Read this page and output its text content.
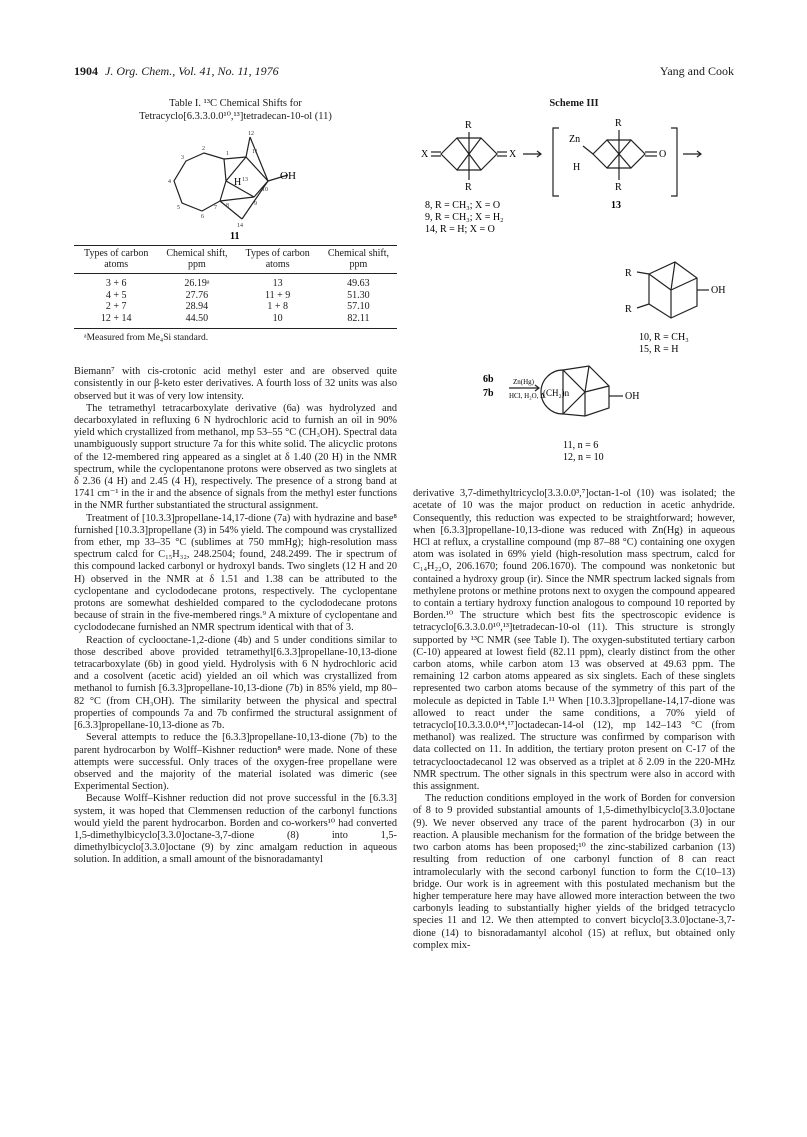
1904 J. Org. Chem., Vol. 41, No. 11, 1976	Yang and Cook
Table I. ¹³C Chemical Shifts for
Tetracyclo[6.3.3.0.0¹⁰,¹³]tetradecan-10-ol (11)
OH
H
12
1
2
3
4
5
6
7 8	9
10
11
13
14
11
Types of carbon atoms	Chemical shift, ppm	Types of carbon atoms	Chemical shift, ppm
3 + 6	26.19ᵃ	13	49.63
4 + 5	27.76	11 + 9	51.30
2 + 7	28.94	1 + 8	57.10
12 + 14	44.50	10	82.11
ᵃMeasured from Me₄Si standard.

Biemann⁷ with cis-crotonic acid methyl ester and are observed quite consistently in our β-keto ester derivatives. A fourth loss of 32 units was also observed but it was of very low intensity.

The tetramethyl tetracarboxylate derivative (6a) was hydrolyzed and decarboxylated in refluxing 6 N hydrochloric acid to furnish an oil in 90% yield which crystallized from methanol, mp 53–55 °C (CH₃OH). Spectral data unambiguously support structure 7a for this white solid. The alicyclic protons of the 12-membered ring appeared as a singlet at δ 1.40 (20 H) in the NMR spectrum, while the cyclopentanone protons were observed as two singlets at δ 2.36 (4 H) and 2.45 (4 H), respectively. The presence of a strong band at 1741 cm⁻¹ in the ir and the absence of signals from the methyl ester functions in the NMR further substantiated the structural assignment.

Treatment of [10.3.3]propellane-14,17-dione (7a) with hydrazine and base⁸ furnished [10.3.3]propellane (3) in 54% yield. The compound was crystallized from ether, mp 33–35 °C (sublimes at 750 mmHg); high-resolution mass spectrum calcd for C₁₅H₃₂, 248.2504; found, 248.2499. The ir spectrum of this compound lacked carbonyl or hydroxyl bands. Two singlets (12 H and 20 H) observed in the NMR at δ 1.51 and 1.38 can be attributed to the cyclopentane and cyclododecane protons, respectively. The cyclopentane protons are somewhat deshielded compared to the cyclododecane protons because of strain in the five-membered rings.⁹ A mixture of cyclopentane and cyclododecane furnished an NMR spectrum identical with that of 3.

Reaction of cyclooctane-1,2-dione (4b) and 5 under conditions similar to those described above provided tetramethyl[6.3.3]propellane-10,13-dione tetracarboxylate (6b) in good yield. Hydrolysis with 6 N hydrochloric acid and a cosolvent (acetic acid) yielded an oil which was crystallized from methanol to furnish [6.3.3]propellane-10,13-dione (7b) in 85% yield, mp 80–82 °C (from CH₃OH). The similarity between the physical and spectral properties of compounds 7a and 7b confirmed the structural assignment of [6.3.3]propellane-10,13-dione as 7b.

Several attempts to reduce the [6.3.3]propellane-10,13-dione (7b) to the parent hydrocarbon by Wolff–Kishner reduction⁸ were made. None of these attempts were successful. Only traces of the oxygen-free propellane were observed and the majority of the material isolated was dimeric (see Experimental Section).

Because Wolff–Kishner reduction did not prove successful in the [6.3.3] system, it was hoped that Clemmensen reduction of the carbonyl functions would yield the parent hydrocarbon. Borden and co-workers¹⁰ had converted 1,5-dimethylbicyclo[3.3.0]octane-3,7-dione (8) into 1,5-dimethylbicyclo[3.3.0]octane (9) by zinc amalgam reduction in aqueous solution. In addition, a small amount of the bisnoradamantyl

Scheme III
R
R
X	X
R
R
Zn
H
O
13
8, R = CH₃; X = O
9, R = CH₃; X = H₂
14, R = H; X = O
R
R
OH
10, R = CH₃
15, R = H
6b
7b
Zn(Hg)
HCl, H₂O, Δ
(CH₂)n	OH
11, n = 6
12, n = 10

derivative 3,7-dimethyltricyclo[3.3.0.0³,⁷]octan-1-ol (10) was isolated; the acetate of 10 was the major product on reduction in acetic anhydride. Consequently, this reduction was expected to be straightforward; however, when [6.3.3]propellane-10,13-dione was reduced with Zn(Hg) in aqueous HCl at reflux, a crystalline compound (mp 87–88 °C) containing one oxygen atom was isolated in 69% yield (high-resolution mass spectrum, calcd for C₁₄H₂₂O, 206.1670; found 206.1670). The compound was nonketonic but contained a hydroxy group (ir). Since the NMR spectrum lacked signals from methylene protons or methine protons next to oxygen the compound appeared to contain a tertiary hydroxy function analogous to compound 10 reported by Borden.¹⁰ The structure which best fits the spectroscopic evidence is tetracyclo[6.3.3.0.0¹⁰,¹³]tetradecan-10-ol (11). This structure is strongly supported by ¹³C NMR (see Table I). The oxygen-substituted tertiary carbon (C-10) appeared at lowest field (82.11 ppm), clearly distinct from the other carbon atoms, while carbon atom 13 was observed at 49.63 ppm. The remaining 12 carbon atoms appeared as six singlets. Each of these singlets represented two carbon atoms because of the symmetry of this part of the molecule as depicted in Table I.¹¹ When [10.3.3]propellane-14,17-dione was allowed to react under the same conditions, a 70% yield of tetracyclo[10.3.3.0.0¹⁴,¹⁷]octadecan-14-ol (12), mp 142–143 °C (from methanol) was realized. The structure was confirmed by comparison with data collected on 11. In addition, the tertiary proton present on C-17 of the tetracyclooctadecanol 12 was observed as a triplet at δ 2.09 in the 220-MHz NMR spectrum. The other signals in this spectrum were also in accord with this assignment.

The reduction conditions employed in the work of Borden for conversion of 8 to 9 provided substantial amounts of 1,5-dimethylbicyclo[3.3.0]octane (9). We never observed any trace of the parent hydrocarbon (3) in our reaction. A plausible mechanism for the formation of the bridge between the two carbon atoms has been proposed;¹⁰ the zinc-stabilized carbanion (13) resulting from reduction of one carbonyl function of 8 can react intramolecularly with the second carbonyl function to form the C(10–13) bridge. Our work is in agreement with this postulated mechanism but the higher temperature here may have allowed more interaction between the two carbonyls leading to substantially higher yields of the bridged tetracyclo species 11 and 12. We then attempted to convert bicyclo[3.3.0]octane-3,7-dione (14) to bisnoradamantyl alcohol (15) at reflux, but obtained only complex mix-
